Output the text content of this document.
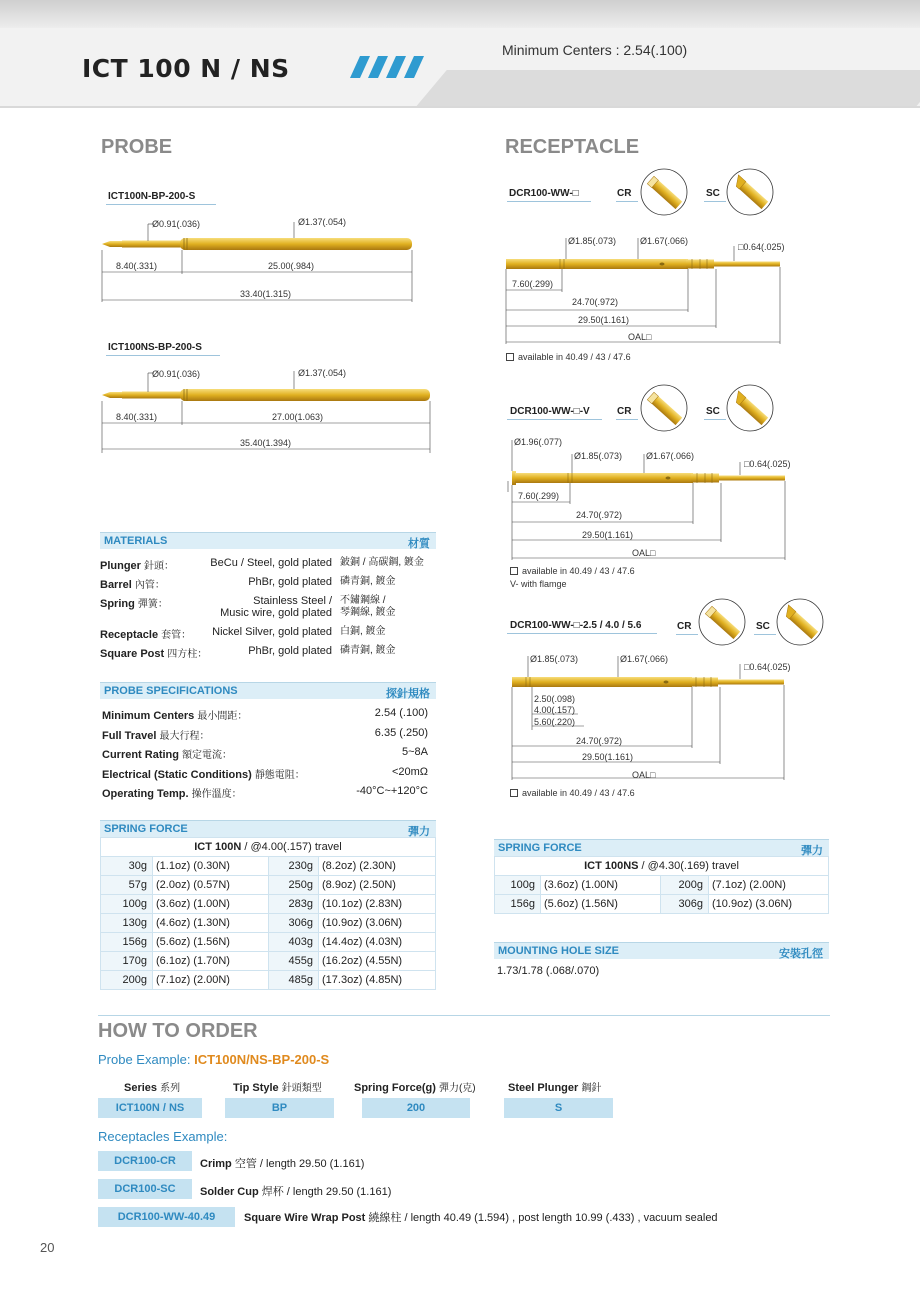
ICT 100 N / NS
Minimum Centers : 2.54(.100)
PROBE
ICT100N-BP-200-S
Ø0.91(.036)	Ø1.37(.054)
8.40(.331)	25.00(.984)
33.40(1.315)
ICT100NS-BP-200-S
Ø0.91(.036)	Ø1.37(.054)
8.40(.331)	27.00(1.063)
35.40(1.394)
RECEPTACLE
DCR100-WW-□	CR	SC
Ø1.85(.073)	Ø1.67(.066)
□0.64(.025)
7.60(.299)
24.70(.972)
29.50(1.161)
OAL□
available in 40.49 / 43 / 47.6
DCR100-WW-□-V	CR	SC
Ø1.96(.077)
Ø1.85(.073)	Ø1.67(.066)
□0.64(.025)
7.60(.299)
24.70(.972)
29.50(1.161)
OAL□
available in 40.49 / 43 / 47.6
V- with flamge
DCR100-WW-□-2.5 / 4.0 / 5.6	CR	SC
Ø1.85(.073)	Ø1.67(.066)
□0.64(.025)
2.50(.098)
4.00(.157)
5.60(.220)
24.70(.972)
29.50(1.161)
OAL□
available in 40.49 / 43 / 47.6
MATERIALS	材質
Plunger 針頭：	BeCu / Steel, gold plated 鈹銅 / 高碳鋼, 鍍金
Barrel 內管：	PhBr, gold plated 磷青銅, 鍍金
Spring 彈簧：	Stainless Steel /
Music wire, gold plated
不鏽鋼線 /
琴鋼線, 鍍金
Receptacle 套管： Nickel Silver, gold plated 白銅, 鍍金
Square Post 四方柱：	PhBr, gold plated 磷青銅, 鍍金
PROBE SPECIFICATIONS	探針規格
Minimum Centers 最小間距：	2.54 (.100)
Full Travel 最大行程：	6.35 (.250)
Current Rating 額定電流：	5~8A
Electrical (Static Conditions) 靜態電阻：	<20mΩ
Operating Temp. 操作溫度：	-40°C~+120°C
SPRING FORCE	彈力
ICT 100N / @4.00(.157) travel			
30g	(1.1oz) (0.30N)	230g	(8.2oz) (2.30N)
57g	(2.0oz) (0.57N)	250g	(8.9oz) (2.50N)
100g	(3.6oz) (1.00N)	283g	(10.1oz) (2.83N)
130g	(4.6oz) (1.30N)	306g	(10.9oz) (3.06N)
156g	(5.6oz) (1.56N)	403g	(14.4oz) (4.03N)
170g	(6.1oz) (1.70N)	455g	(16.2oz) (4.55N)
200g	(7.1oz) (2.00N)	485g	(17.3oz) (4.85N)
SPRING FORCE	彈力
ICT 100NS / @4.30(.169) travel			
100g	(3.6oz) (1.00N)	200g	(7.1oz) (2.00N)
156g	(5.6oz) (1.56N)	306g	(10.9oz) (3.06N)
MOUNTING HOLE SIZE	安裝孔徑
1.73/1.78 (.068/.070)
HOW TO ORDER
Probe Example: ICT100N/NS-BP-200-S
Series 系列	Tip Style 針頭類型	Spring Force(g) 彈力(克)	Steel Plunger 鋼針
ICT100N / NS	BP	200	S
Receptacles Example:
DCR100-CR	Crimp 空管 / length 29.50 (1.161)
DCR100-SC	Solder Cup 焊杯 / length 29.50 (1.161)
DCR100-WW-40.49	Square Wire Wrap Post 繞線柱 / length 40.49 (1.594) , post length 10.99 (.433) , vacuum sealed
20
